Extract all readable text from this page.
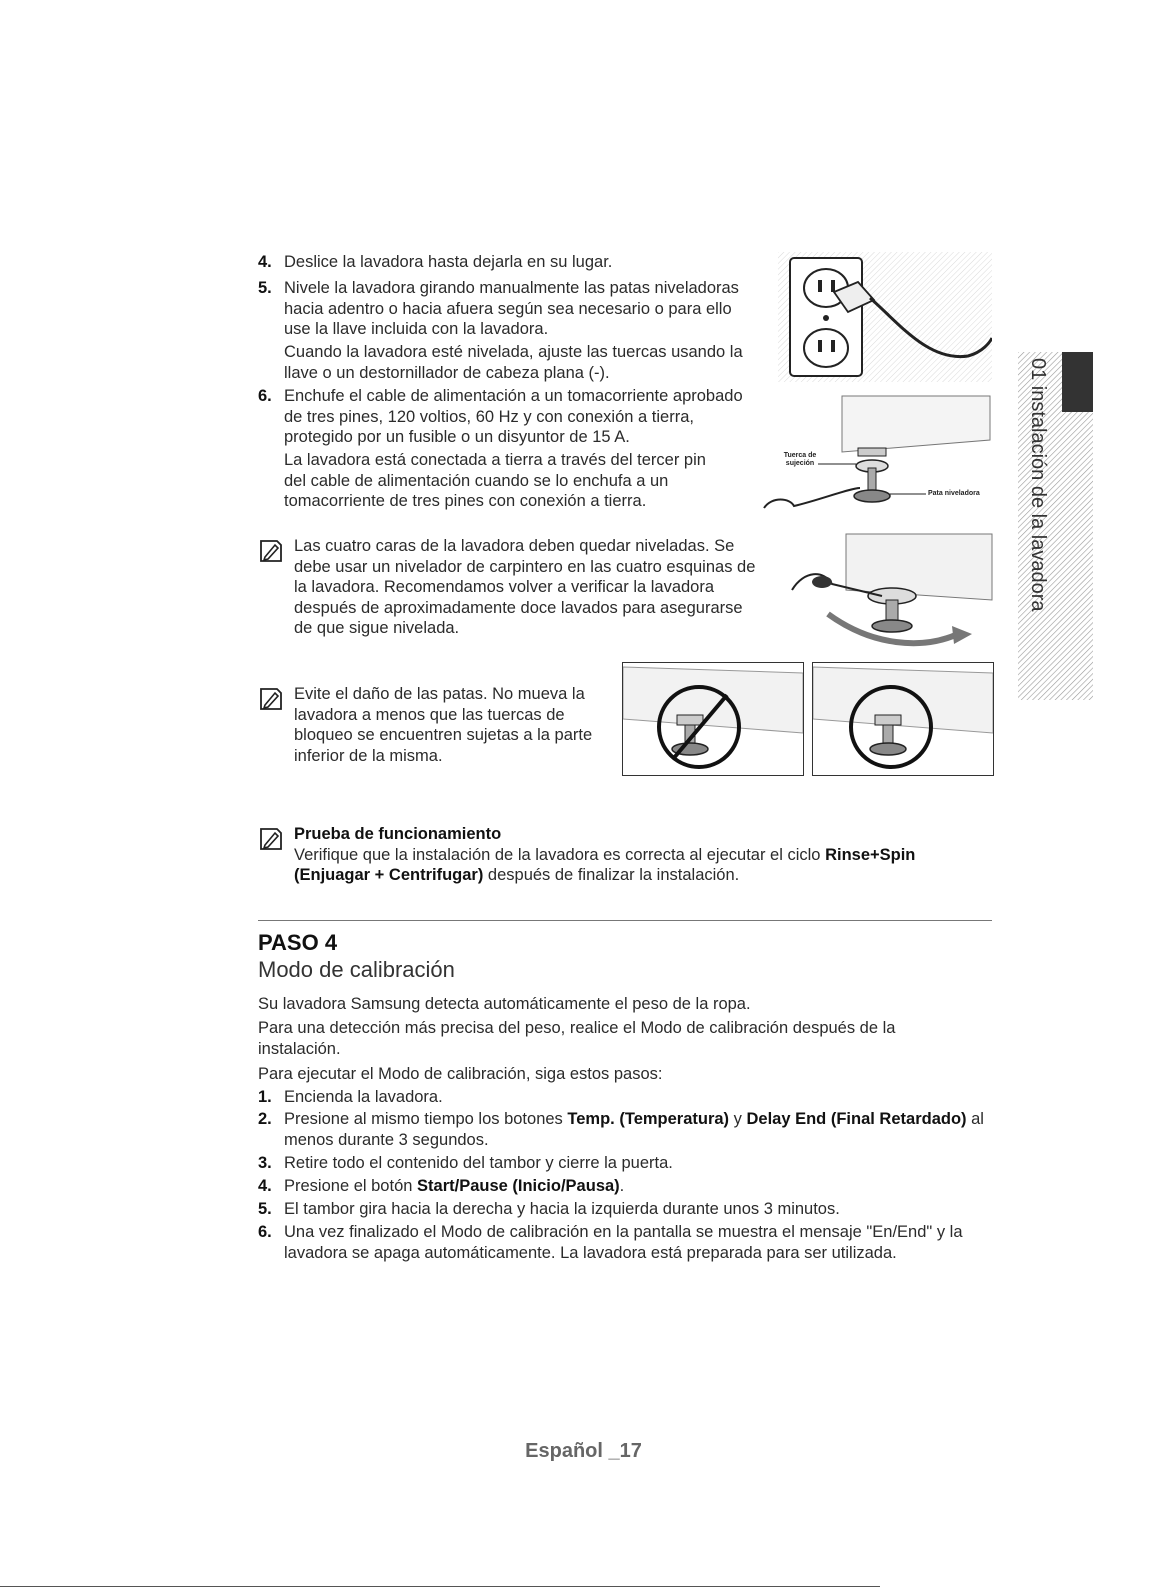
4. Deslice la lavadora hasta dejarla en su lugar.
5. Nivele la lavadora girando manualmente las patas niveladoras hacia adentro o hacia afuera según sea necesario o para ello use la llave incluida con la lavadora.
Cuando la lavadora esté nivelada, ajuste las tuercas usando la llave o un destornillador de cabeza plana (-).
6. Enchufe el cable de alimentación a un tomacorriente aprobado de tres pines, 120 voltios, 60 Hz y con conexión a tierra, protegido por un fusible o un disyuntor de 15 A.
La lavadora está conectada a tierra a través del tercer pin del cable de alimentación cuando se lo enchufa a un tomacorriente de tres pines con conexión a tierra.
Las cuatro caras de la lavadora deben quedar niveladas. Se debe usar un nivelador de carpintero en las cuatro esquinas de la lavadora. Recomendamos volver a verificar la lavadora después de aproximadamente doce lavados para asegurarse de que sigue nivelada.
Evite el daño de las patas. No mueva la lavadora a menos que las tuercas de bloqueo se encuentren sujetas a la parte inferior de la misma.
Tuerca de sujeción
Pata niveladora	01 instalación de la lavadora
Prueba de funcionamiento
Verifique que la instalación de la lavadora es correcta al ejecutar el ciclo Rinse+Spin
(Enjuagar + Centrifugar) después de finalizar la instalación.
PASO 4
Modo de calibración
Su lavadora Samsung detecta automáticamente el peso de la ropa.
Para una detección más precisa del peso, realice el Modo de calibración después de la instalación.
Para ejecutar el Modo de calibración, siga estos pasos:
1. Encienda la lavadora.
2. Presione al mismo tiempo los botones Temp. (Temperatura) y Delay End (Final Retardado) al menos durante 3 segundos.
3. Retire todo el contenido del tambor y cierre la puerta.
4. Presione el botón Start/Pause (Inicio/Pausa).
5. El tambor gira hacia la derecha y hacia la izquierda durante unos 3 minutos.
6. Una vez finalizado el Modo de calibración en la pantalla se muestra el mensaje "En/End" y la lavadora se apaga automáticamente. La lavadora está preparada para ser utilizada.
Español _17
